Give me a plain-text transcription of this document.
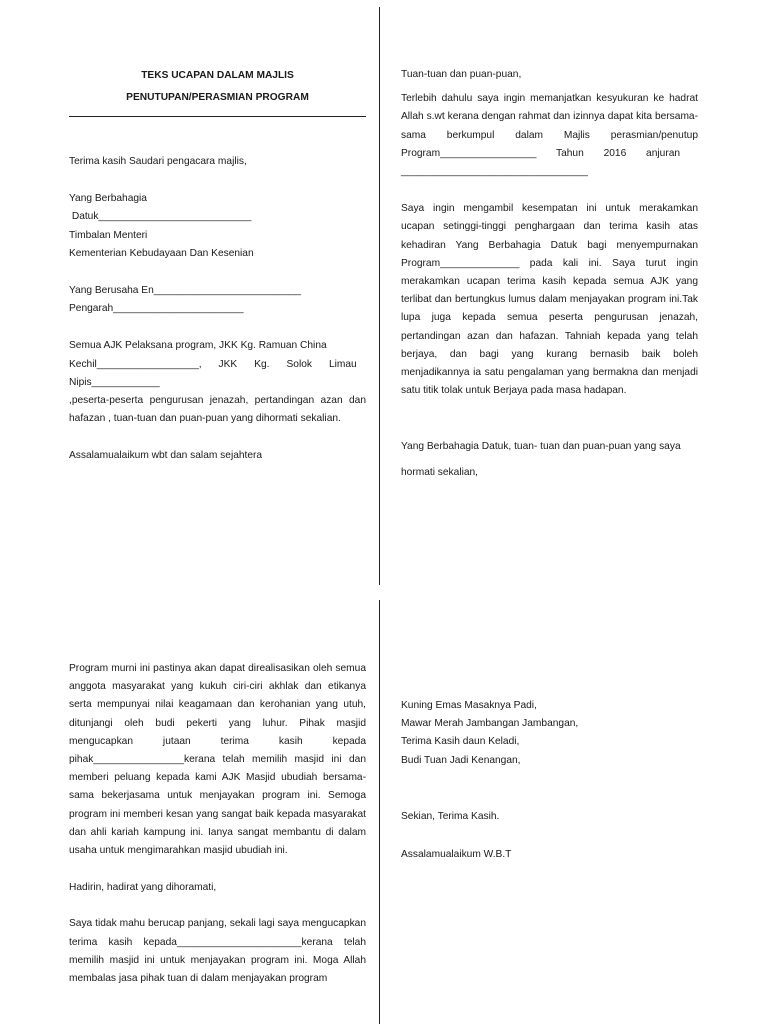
TEKS UCAPAN DALAM MAJLIS

PENUTUPAN/PERASMIAN PROGRAM

Terima kasih Saudari pengacara majlis,

Yang Berbahagia

Datuk___________________________

Timbalan Menteri

Kementerian Kebudayaan Dan Kesenian

Yang Berusaha En__________________________

Pengarah_______________________

Semua AJK Pelaksana program, JKK Kg. Ramuan China

Kechil__________________,      JKK      Kg.      Solok      Limau

Nipis____________

,peserta-peserta pengurusan jenazah, pertandingan azan dan hafazan , tuan-tuan dan puan-puan yang dihormati sekalian.

Assalamualaikum wbt dan salam sejahtera

Tuan-tuan dan puan-puan,

Terlebih dahulu saya ingin memanjatkan kesyukuran ke hadrat Allah s.wt kerana dengan rahmat dan izinnya dapat kita bersama-sama berkumpul dalam Majlis perasmian/penutup Program_________________       Tahun       2016       anjuran

_________________________________

Saya ingin mengambil kesempatan ini untuk merakamkan ucapan setinggi-tinggi penghargaan dan terima kasih atas kehadiran Yang Berbahagia Datuk bagi menyempurnakan Program______________ pada kali ini. Saya turut ingin merakamkan ucapan terima kasih kepada semua AJK yang terlibat dan bertungkus lumus dalam menjayakan program ini.Tak lupa juga kepada semua peserta pengurusan jenazah, pertandingan azan dan hafazan. Tahniah kepada yang telah berjaya, dan bagi yang kurang bernasib baik boleh menjadikannya ia satu pengalaman yang bermakna dan menjadi satu titik tolak untuk Berjaya pada masa hadapan.

Yang Berbahagia Datuk, tuan- tuan dan puan-puan yang saya

hormati sekalian,

Program murni ini pastinya akan dapat direalisasikan oleh semua anggota masyarakat yang kukuh ciri-ciri akhlak dan etikanya serta mempunyai nilai keagamaan dan kerohanian yang utuh, ditunjangi oleh budi pekerti yang luhur. Pihak masjid mengucapkan jutaan terima kasih kepada pihak________________kerana telah memilih masjid ini dan memberi peluang kepada kami AJK Masjid ubudiah bersama-sama bekerjasama untuk menjayakan program ini. Semoga program ini memberi kesan yang sangat baik kepada masyarakat dan ahli kariah kampung ini. Ianya sangat membantu di dalam usaha untuk mengimarahkan masjid ubudiah ini.

Hadirin, hadirat yang dihoramati,

Saya tidak mahu berucap panjang, sekali lagi saya mengucapkan terima kasih kepada______________________kerana telah memilih masjid ini untuk menjayakan program ini. Moga Allah membalas jasa pihak tuan di dalam menjayakan program

Kuning Emas Masaknya Padi,

Mawar Merah Jambangan Jambangan,

Terima Kasih daun Keladi,

Budi Tuan Jadi Kenangan,

Sekian, Terima Kasih.

Assalamualaikum W.B.T
